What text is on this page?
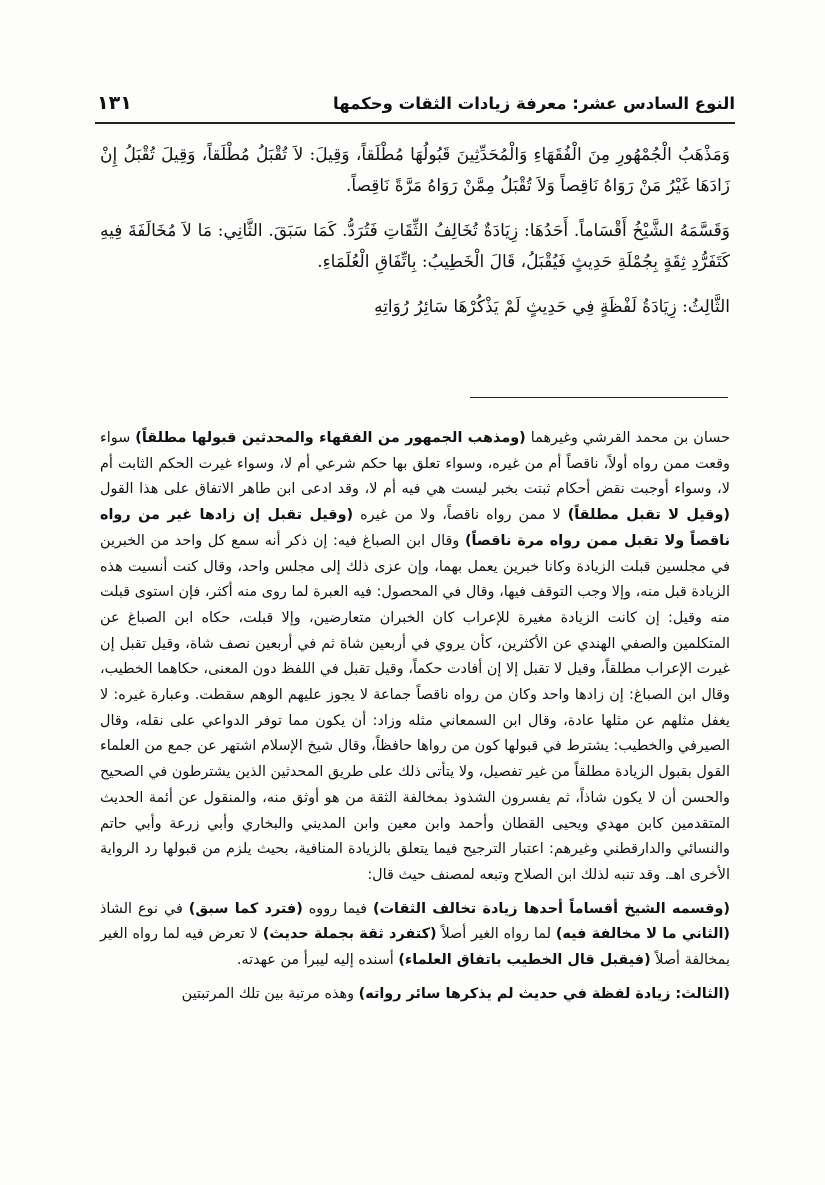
النوع السادس عشر: معرفة زيادات الثقات وحكمها
١٣١

وَمَذْهَبُ الْجُمْهُورِ مِنَ الْفُقَهَاءِ وَالْمُحَدِّثِينَ قَبُولُهَا مُطْلَقاً، وَقِيلَ: لاَ تُقْبَلُ مُطْلَقاً، وَقِيلَ تُقْبَلُ إِنْ زَادَهَا غَيْرُ مَنْ رَوَاهُ نَاقِصاً وَلاَ تُقْبَلُ مِمَّنْ رَوَاهُ مَرَّةً نَاقِصاً.

وَقَسَّمَهُ الشَّيْخُ أَقْسَاماً. أَحَدُهَا: زِيَادَةٌ تُخَالِفُ الثِّقَاتِ فَتُرَدُّ. كَمَا سَبَقَ. الثَّانِي: مَا لاَ مُخَالَفَةَ فِيهِ كَتَفَرُّدِ ثِقَةٍ بِجُمْلَةِ حَدِيثٍ فَيُقْبَلُ، قَالَ الْخَطِيبُ: بِاتِّفَاقِ الْعُلَمَاءِ.

الثَّالِثُ: زِيَادَةُ لَفْظَةٍ فِي حَدِيثٍ لَمْ يَذْكُرْهَا سَائِرُ رُوَاتِهِ

حسان بن محمد القرشي وغيرهما (ومذهب الجمهور من الفقهاء والمحدثين قبولها مطلقاً) سواء وقعت ممن رواه أولاً، ناقصاً أم من غيره، وسواء تعلق بها حكم شرعي أم لا، وسواء غيرت الحكم الثابت أم لا، وسواء أوجبت نقض أحكام ثبتت بخبر ليست هي فيه أم لا، وقد ادعى ابن طاهر الاتفاق على هذا القول (وقيل لا تقبل مطلقاً) لا ممن رواه ناقصاً، ولا من غيره (وقيل تقبل إن زادها غير من رواه ناقصاً ولا تقبل ممن رواه مرة ناقصاً) وقال ابن الصباغ فيه: إن ذكر أنه سمع كل واحد من الخبرين في مجلسين قبلت الزيادة وكانا خبرين يعمل بهما، وإن عزى ذلك إلى مجلس واحد، وقال كنت أنسيت هذه الزيادة قبل منه، وإلا وجب التوقف فيها، وقال في المحصول: فيه العبرة لما روى منه أكثر، فإن استوى قبلت منه وقيل: إن كانت الزيادة مغيرة للإعراب كان الخبران متعارضين، وإلا قبلت، حكاه ابن الصباغ عن المتكلمين والصفي الهندي عن الأكثرين، كأن يروي في أربعين شاة ثم في أربعين نصف شاة، وقيل تقبل إن غيرت الإعراب مطلقاً، وقيل لا تقبل إلا إن أفادت حكماً، وقيل تقبل في اللفظ دون المعنى، حكاهما الخطيب، وقال ابن الصباغ: إن زادها واحد وكان من رواه ناقصاً جماعة لا يجوز عليهم الوهم سقطت. وعبارة غيره: لا يغفل مثلهم عن مثلها عادة، وقال ابن السمعاني مثله وزاد: أن يكون مما توفر الدواعي على نقله، وقال الصيرفي والخطيب: يشترط في قبولها كون من رواها حافظاً، وقال شيخ الإسلام اشتهر عن جمع من العلماء القول بقبول الزيادة مطلقاً من غير تفصيل، ولا يتأتى ذلك على طريق المحدثين الذين يشترطون في الصحيح والحسن أن لا يكون شاذاً، ثم يفسرون الشذوذ بمخالفة الثقة من هو أوثق منه، والمنقول عن أئمة الحديث المتقدمين كابن مهدي ويحيى القطان وأحمد وابن معين وابن المديني والبخاري وأبي زرعة وأبي حاتم والنسائي والدارقطني وغيرهم: اعتبار الترجيح فيما يتعلق بالزيادة المنافية، بحيث يلزم من قبولها رد الرواية الأخرى اهـ. وقد تنبه لذلك ابن الصلاح وتبعه لمصنف حيث قال:

(وقسمه الشيخ أقساماً أحدها زيادة تخالف الثقات) فيما رووه (فترد كما سبق) في نوع الشاذ (الثاني ما لا مخالفة فيه) لما رواه الغير أصلاً (كتفرد ثقة بجملة حديث) لا تعرض فيه لما رواه الغير بمخالفة أصلاً (فيقبل قال الخطيب باتفاق العلماء) أسنده إليه ليبرأ من عهدته.

(الثالث: زيادة لفظة في حديث لم يذكرها سائر رواته) وهذه مرتبة بين تلك المرتبتين
